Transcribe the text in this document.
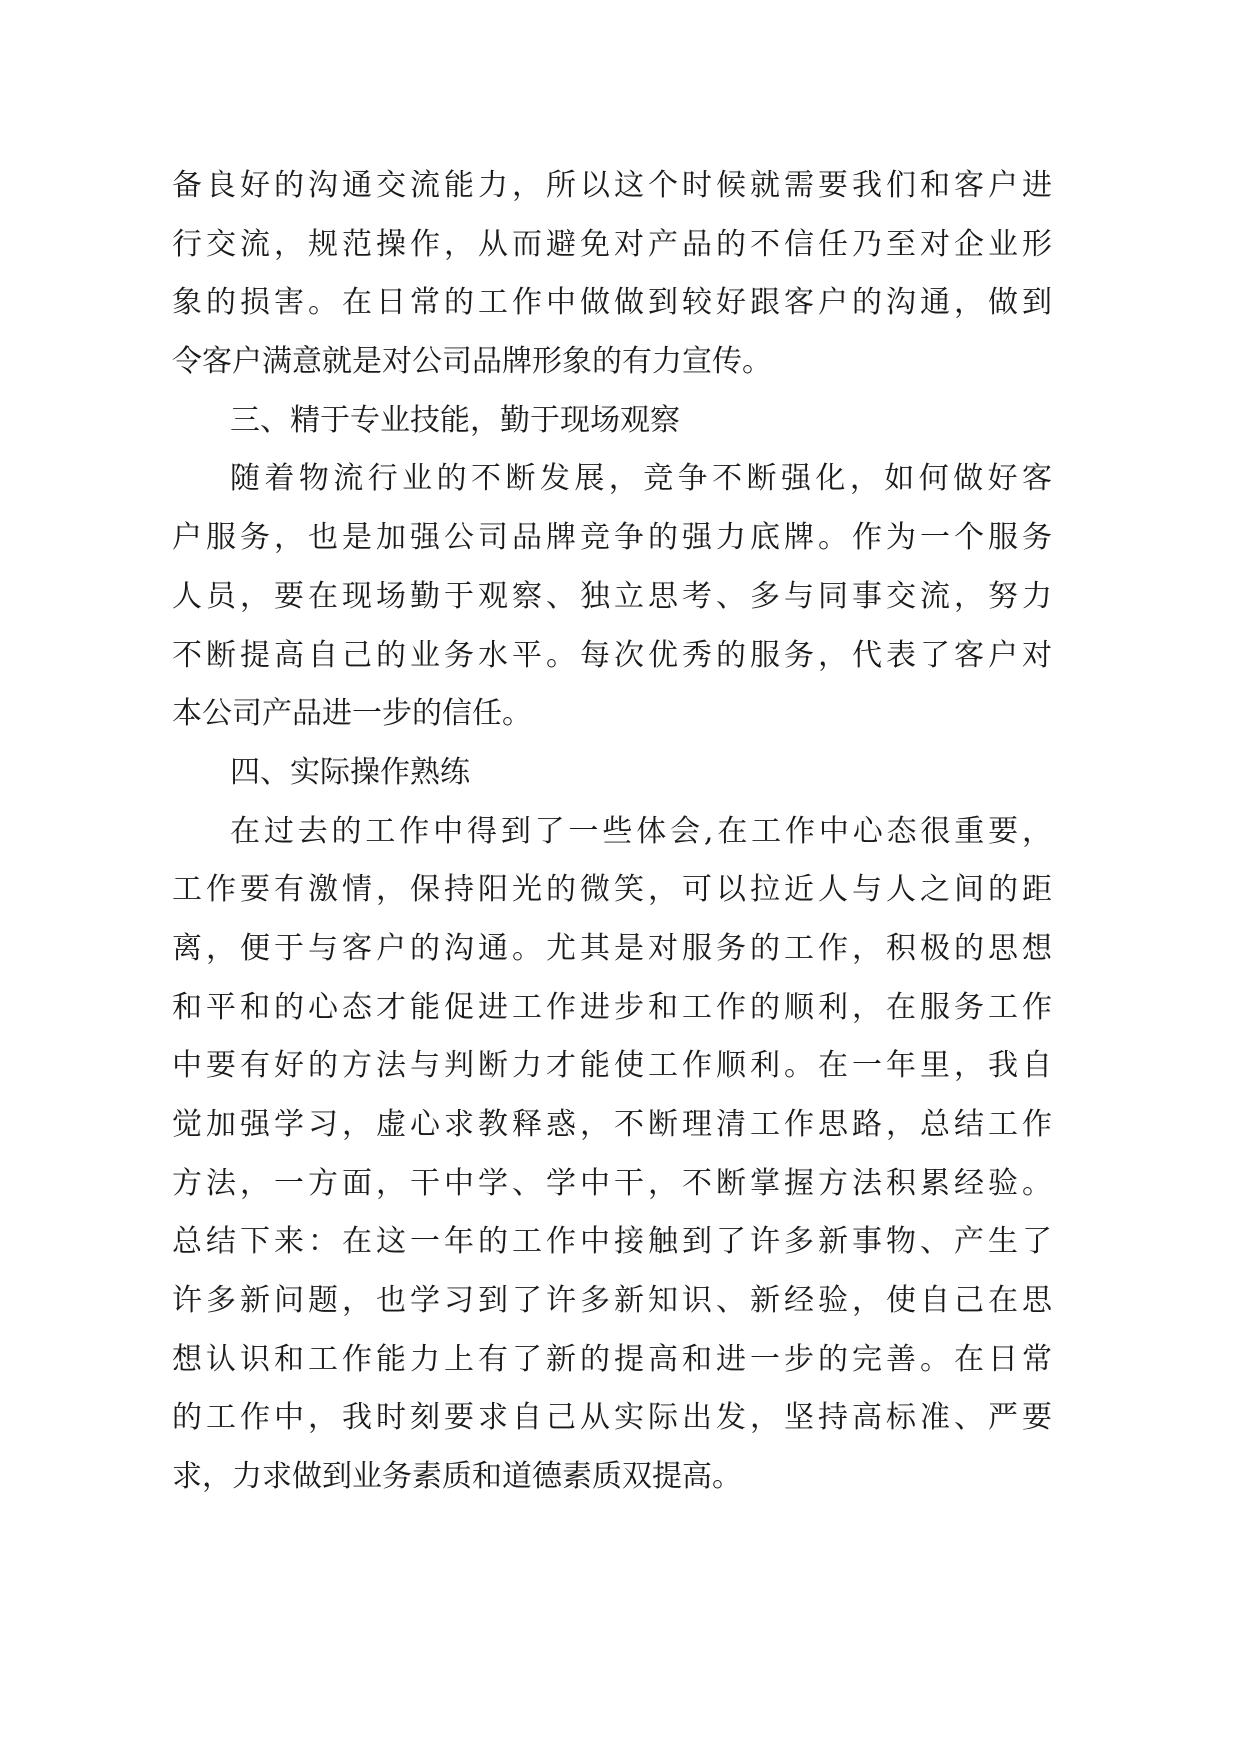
备良好的沟通交流能力，所以这个时候就需要我们和客户进
行交流，规范操作，从而避免对产品的不信任乃至对企业形
象的损害。在日常的工作中做做到较好跟客户的沟通，做到
令客户满意就是对公司品牌形象的有力宣传。
三、精于专业技能，勤于现场观察
随着物流行业的不断发展，竞争不断强化，如何做好客
户服务，也是加强公司品牌竞争的强力底牌。作为一个服务
人员，要在现场勤于观察、独立思考、多与同事交流，努力
不断提高自己的业务水平。每次优秀的服务，代表了客户对
本公司产品进一步的信任。
四、实际操作熟练
在过去的工作中得到了一些体会,在工作中心态很重要，
工作要有激情，保持阳光的微笑，可以拉近人与人之间的距
离，便于与客户的沟通。尤其是对服务的工作，积极的思想
和平和的心态才能促进工作进步和工作的顺利，在服务工作
中要有好的方法与判断力才能使工作顺利。在一年里，我自
觉加强学习，虚心求教释惑，不断理清工作思路，总结工作
方法，一方面，干中学、学中干，不断掌握方法积累经验。
总结下来：在这一年的工作中接触到了许多新事物、产生了
许多新问题，也学习到了许多新知识、新经验，使自己在思
想认识和工作能力上有了新的提高和进一步的完善。在日常
的工作中，我时刻要求自己从实际出发，坚持高标准、严要
求，力求做到业务素质和道德素质双提高。
